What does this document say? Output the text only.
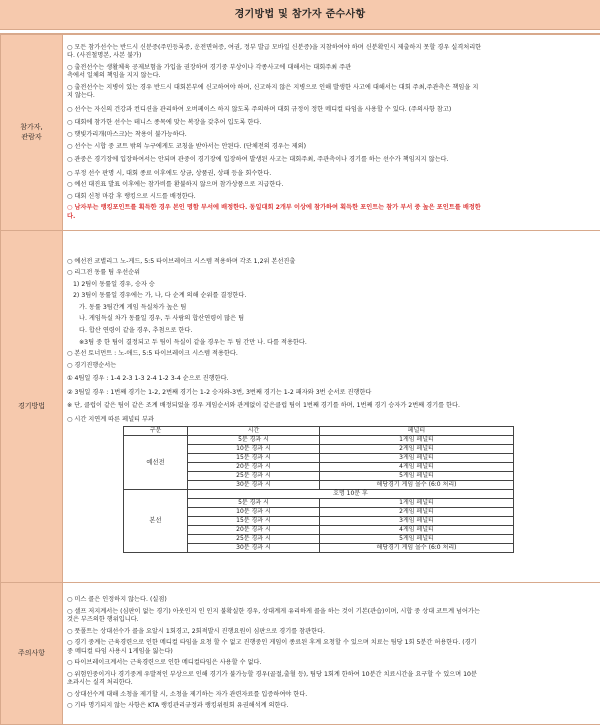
경기방법 및 참가자 준수사항
참가자,
관람자

○ 모든 참가선수는 반드시 신분증(주민등록증, 운전면허증, 여권, 정부 발급 모바일 신분증)을 지참하여야 하며 신분확인시 제출하지 못할 경우 실격처리한

다. (사진철명본, 사본 불가)

○ 출전선수는 생활체육 공제보험을 가입을 권장하며 경기중 부상이나 각종사고에 대해서는 대회주최 주관

측에서 일체의 책임을 지지 않는다.

○ 출전선수는 지병이 있는 경우 반드시 대회본부에 신고하여야 하며, 신고하지 않은 지병으로 인해 발생한 사고에 대해서는 대회 주최,주관측은 책임을 지

지 않는다.

○ 선수는 자신의 건강과 컨디션을 관리하여 오버페이스 하지 않도록 주의하며 대회 규정이 정한 메디컬 타임을 사용할 수 있다. (주의사항 참고)

○ 대회에 참가한 선수는 테니스 종목에 맞는 복장을 갖추어 입도록 한다.

○ 햇빛가리개(마스크)는 착용이 불가능하다.

○ 선수는 시합 중 코트 밖의 누구에게도 코칭을 받아서는 안된다. (단체전의 경우는 제외)

○ 관중은 경기장에 입장하여서는 안되며 관중이 경기장에 입장하여 발생된 사고는 대회주최, 주관측이나 경기를 하는 선수가 책임지지 않는다.

○ 부정 선수 판명 시, 대회 종료 이후에도 상금, 상품권, 상패 등을 회수한다.

○ 예선 대진표 발표 이후에는 참가비를 환불하지 않으며 참가상품으로 지급한다.

○ 대회 신청 마감 후 랭킹으로 시드를 배정한다.

○ 남자부는 랭킹포인트를 획득한 경우 본인 명함 부서에 배정한다. 동일대회 2개부 이상에 참가하여 획득한 포인트는 참가 부서 중 높은 포인트를 배정한

다.

경기방법	

○ 예선전 코별리그 노-게드, 5:5 타이브레이크 시스템 적용하며 각조 1,2위 본선진출

○ 리그전 동률 팀 우선순위

1) 2팀이 동률일 경우, 승자 승

2) 3팀이 동률일 경우에는 가, 나, 다 순계 의해 순위를 결정한다.

가. 동률 3팀간계 게임 득실차가 높은 팀

나. 게임득실 차가 동률일 경우, 두 사람의 합산연령이 많은 팀

다. 합산 연령이 같을 경우, 추첨으로 한다.

※3팀 중 한 팀이 결정되고 두 팀이 득실이 같을 경우는 두 팀 간만 나. 다를 적용한다.

○ 본선 토너먼트 : 노-애드, 5:5 타이브레이크 시스템 적용한다.

○ 경기진행순서는

① 4팀일 경우 : 1-4 2-3 1-3 2-4 1-2 3-4 순으로 진행한다.

② 3팀일 경우 : 1번째 경기는 1-2, 2번째 경기는 1-2 승자와-3번, 3번째 경기는 1-2 패자와 3번 순서로 진행한다

※ 단, 클럽이 같은 팀이 같은 조계 배정되었을 경우 게임순서와 관계없이 같은클럽 팀이 1번째 경기를 하며, 1번째 경기 승자가 2번째 경기를 한다.

○ 시간 지연계 따른 페널티 부과

구분	시간	페널티
예선전	5분 경과 시	1게임 페널티
10분 경과 시	2게임 페널티
15분 경과 시	3게임 페널티
20분 경과 시	4게임 페널티
25분 경과 시	5게임 페널티
30분 경과 시	해당경기 게임 몰수 (6:0 처리)
본선	호명 10분 후
5분 경과 시	1게임 페널티
10분 경과 시	2게임 페널티
15분 경과 시	3게임 페널티
20분 경과 시	4게임 페널티
25분 경과 시	5게임 페널티
30분 경과 시	해당경기 게임 몰수 (6:0 처리)

주의사항	

○ 미스 콜은 인정하지 않는다. (실점)

○ 셀프 저지계서는 (심판이 없는 경기) 아웃인지 인 인지 불확실한 경우, 상대계게 유리하게 콜을 하는 것이 기본(관습)이며, 시합 중 상대 코트계 넘어가는

것은 부즈의한 행위입니다.

○ 풋폴트는 상대선수가 콜을 요알시 1회경고, 2회적발시 진행요원이 심판으로 경기를 참관한다.

○ 경기 중계는 근육경련으로 인한 메디컬 타임을 요청 할 수 없고 진행중인 게임이 종료된 후계 요청할 수 있으며 치료는 팀당 1회 5분간 허용한다. (경기

중 메디컬 타임 사용시 1게임을 잃는다)

○ 타이브레이크계서는 근육경련으로 인한 메디컬타임은 사용할 수 없다.

○ 위험인중이거나 경기중계 우발적인 부상으로 인해 경기가 불가능할 경우(골절,출혈 등), 팀당 1회계 한하여 10분간 치료시간을 요구할 수 있으며 10분

초과시는 실격 처리한다.

○ 상대선수계 대해 소청을 제기할 시, 소청을 제기하는 자가 관련자료를 입증하여야 한다.

○ 기타 명기되지 않는 사항은 KTA 랭킹관리규정과 랭킹위원회 유권해석계 의한다.
